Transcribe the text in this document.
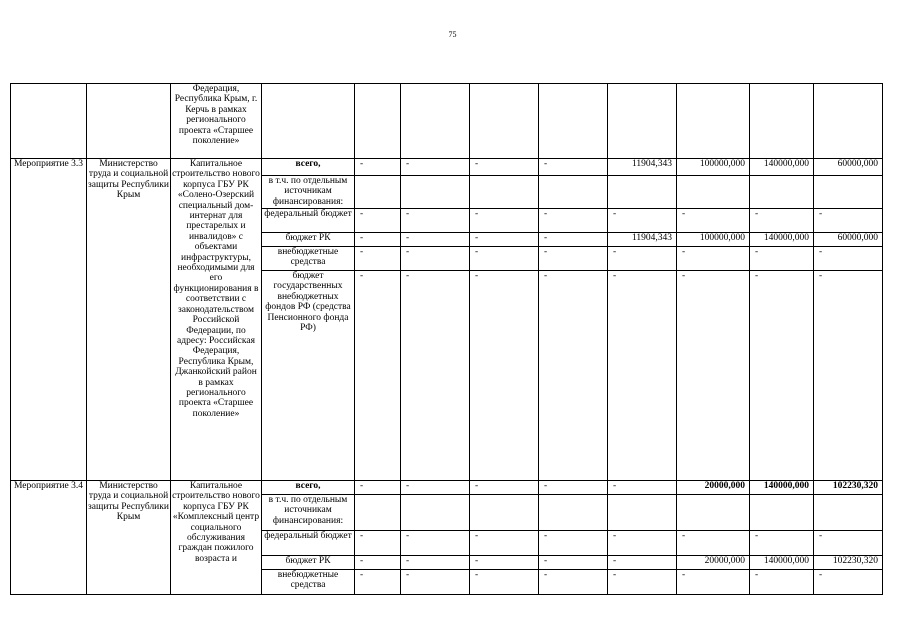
75
		Федерация, Республика Крым, г. Керчь в рамках регионального проекта «Старшее поколение»									
Мероприятие 3.3	Министерство труда и социальной защиты Республики Крым	Капитальное строительство нового корпуса ГБУ РК «Солено-Озерский специальный дом-интернат для престарелых и инвалидов» с объектами инфраструктуры, необходимыми для его функционирования в соответствии с законодательством Российской Федерации, по адресу: Российская Федерация, Республика Крым, Джанкойский район в рамках регионального проекта «Старшее поколение»	всего,	-	-	-	-	11904,343	100000,000	140000,000	60000,000
			в т.ч. по отдельным источникам финансирования:								
			федеральный бюджет	-	-	-	-	-	-	-	-
			бюджет РК	-	-	-	-	11904,343	100000,000	140000,000	60000,000
			внебюджетные средства	-	-	-	-	-	-	-	-
			бюджет государственных внебюджетных фондов РФ (средства Пенсионного фонда РФ)	-	-	-	-	-	-	-	-
Мероприятие 3.4	Министерство труда и социальной защиты Республики Крым	Капитальное строительство нового корпуса ГБУ РК «Комплексный центр социального обслуживания граждан пожилого возраста и	всего,	-	-	-	-	-	20000,000	140000,000	102230,320
			в т.ч. по отдельным источникам финансирования:								
			федеральный бюджет	-	-	-	-	-	-	-	-
			бюджет РК	-	-	-	-	-	20000,000	140000,000	102230,320
			внебюджетные средства	-	-	-	-	-	-	-	-
